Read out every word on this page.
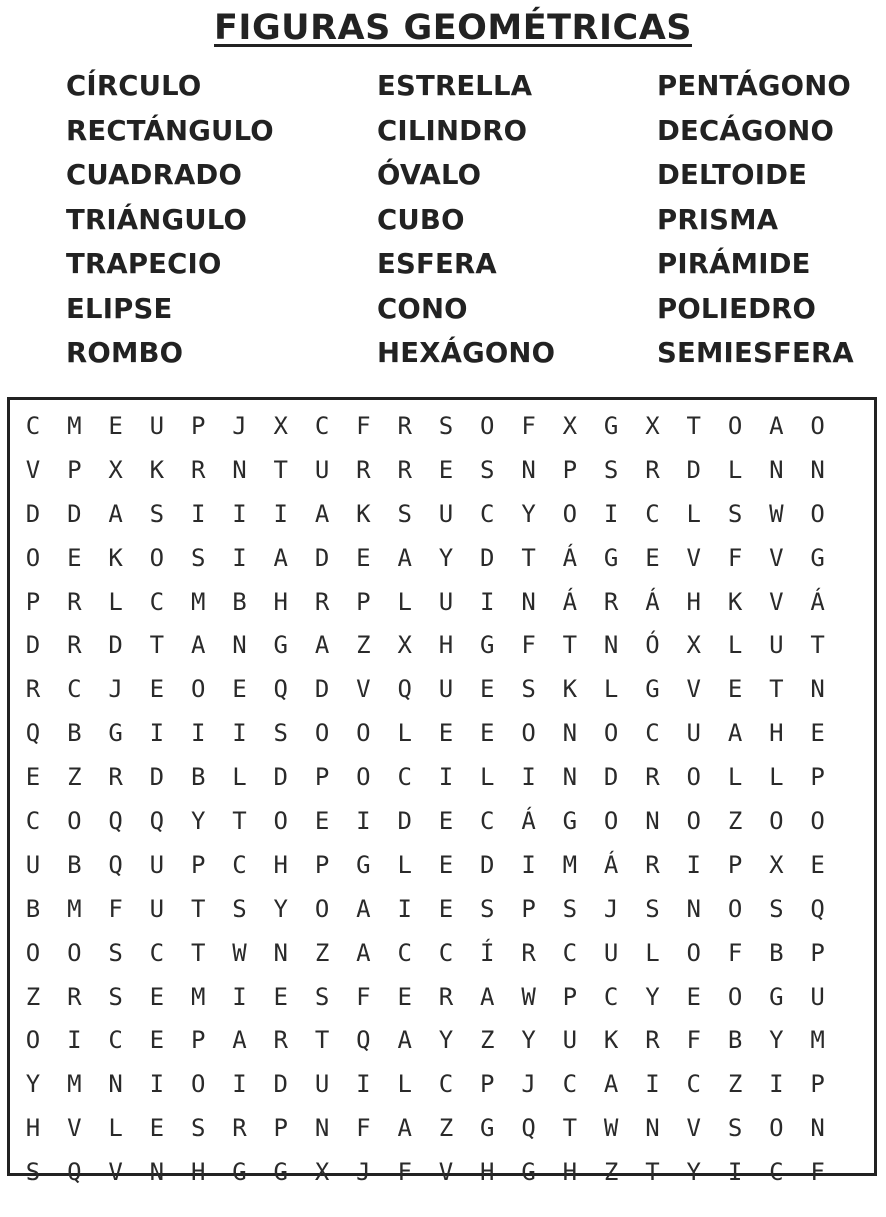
FIGURAS GEOMÉTRICAS
CÍRCULO
RECTÁNGULO
CUADRADO
TRIÁNGULO
TRAPECIO
ELIPSE
ROMBO
ESTRELLA
CILINDRO
ÓVALO
CUBO
ESFERA
CONO
HEXÁGONO
PENTÁGONO
DECÁGONO
DELTOIDE
PRISMA
PIRÁMIDE
POLIEDRO
SEMIESFERA
C M E U P J X C F R S O F X G X T O A O
V P X K R N T U R R E S N P S R D L N N
D D A S I I I A K S U C Y O I C L S W O
O E K O S I A D E A Y D T Á G E V F V G
P R L C M B H R P L U I N Á R Á H K V Á
D R D T A N G A Z X H G F T N Ó X L U T
R C J E O E Q D V Q U E S K L G V E T N
Q B G I I I S O O L E E O N O C U A H E
E Z R D B L D P O C I L I N D R O L L P
C O Q Q Y T O E I D E C Á G O N O Z O O
U B Q U P C H P G L E D I M Á R I P X E
B M F U T S Y O A I E S P S J S N O S Q
O O S C T W N Z A C C Í R C U L O F B P
Z R S E M I E S F E R A W P C Y E O G U
O I C E P A R T Q A Y Z Y U K R F B Y M
Y M N I O I D U I L C P J C A I C Z I P
H V L E S R P N F A Z G Q T W N V S O N
S Q V N H G G X J F V H G H Z T Y I C F
